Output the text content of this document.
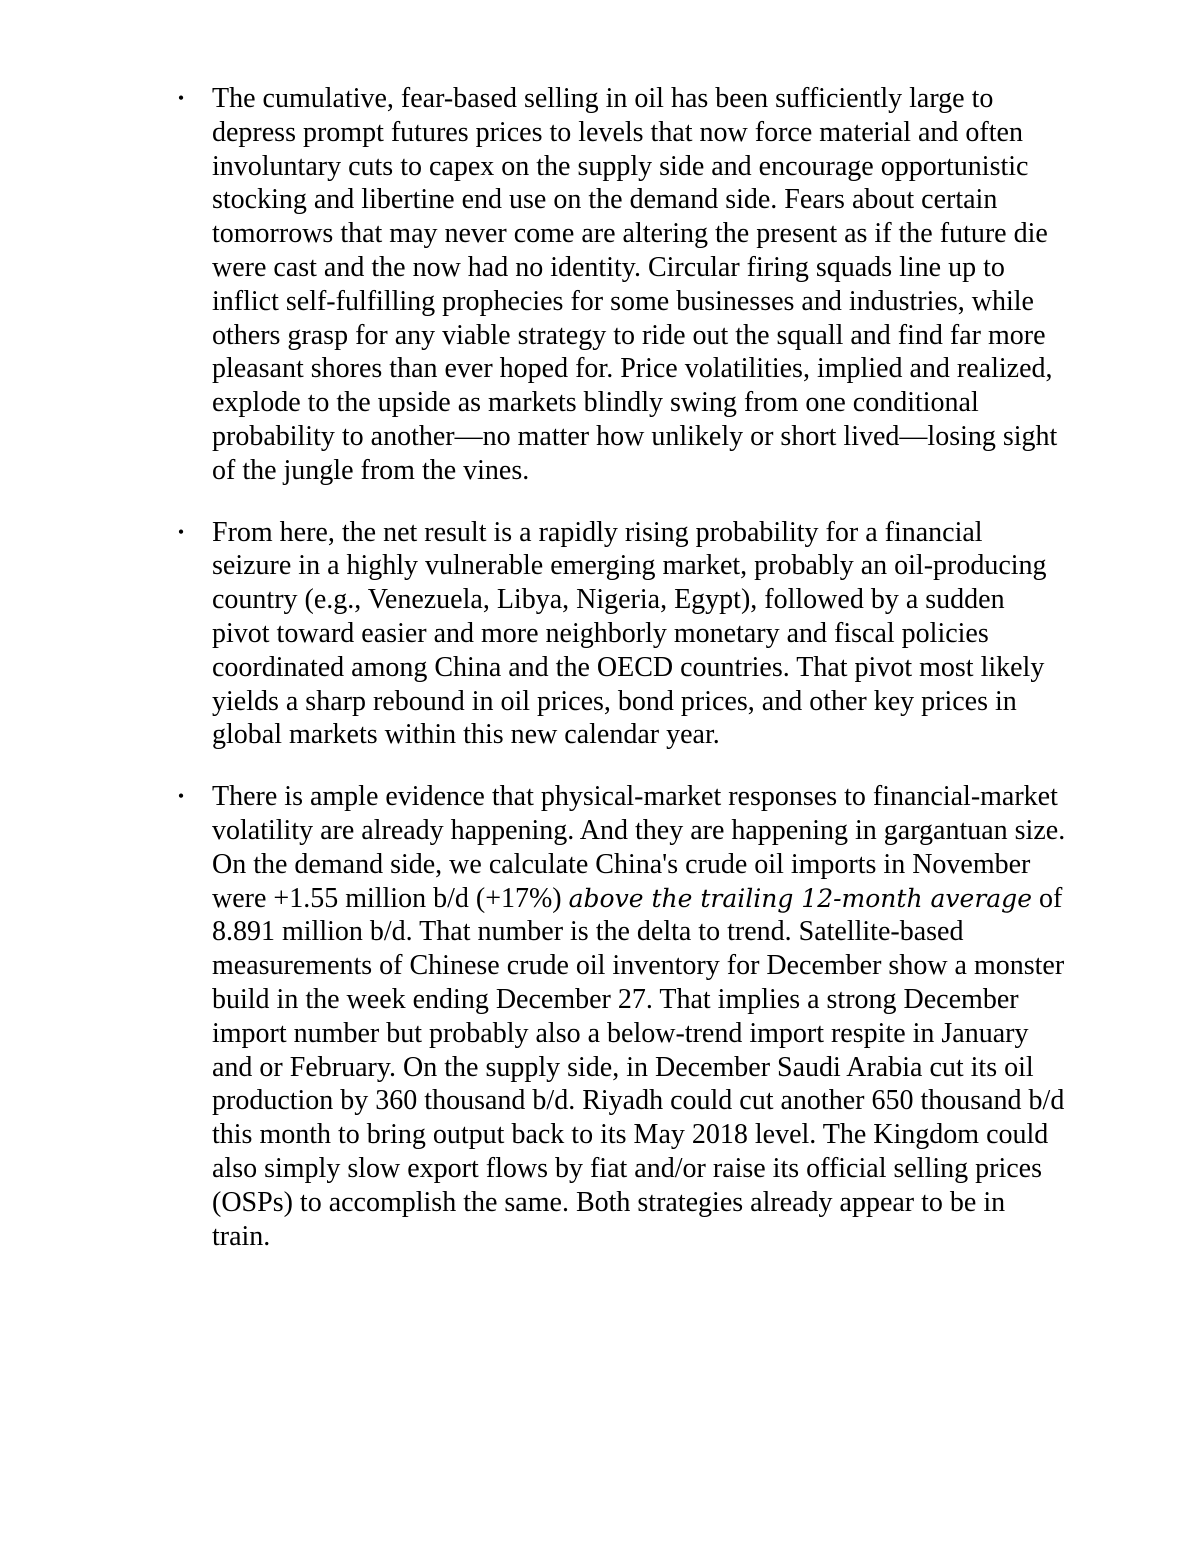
• The cumulative, fear-based selling in oil has been sufficiently large to depress prompt futures prices to levels that now force material and often involuntary cuts to capex on the supply side and encourage opportunistic stocking and libertine end use on the demand side. Fears about certain tomorrows that may never come are altering the present as if the future die were cast and the now had no identity. Circular firing squads line up to inflict self-fulfilling prophecies for some businesses and industries, while others grasp for any viable strategy to ride out the squall and find far more pleasant shores than ever hoped for. Price volatilities, implied and realized, explode to the upside as markets blindly swing from one conditional probability to another—no matter how unlikely or short lived—losing sight of the jungle from the vines.
• From here, the net result is a rapidly rising probability for a financial seizure in a highly vulnerable emerging market, probably an oil-producing country (e.g., Venezuela, Libya, Nigeria, Egypt), followed by a sudden pivot toward easier and more neighborly monetary and fiscal policies coordinated among China and the OECD countries. That pivot most likely yields a sharp rebound in oil prices, bond prices, and other key prices in global markets within this new calendar year.
• There is ample evidence that physical-market responses to financial-market volatility are already happening. And they are happening in gargantuan size. On the demand side, we calculate China's crude oil imports in November were +1.55 million b/d (+17%) above the trailing 12-month average of 8.891 million b/d. That number is the delta to trend. Satellite-based measurements of Chinese crude oil inventory for December show a monster build in the week ending December 27. That implies a strong December import number but probably also a below-trend import respite in January and or February. On the supply side, in December Saudi Arabia cut its oil production by 360 thousand b/d. Riyadh could cut another 650 thousand b/d this month to bring output back to its May 2018 level. The Kingdom could also simply slow export flows by fiat and/or raise its official selling prices (OSPs) to accomplish the same. Both strategies already appear to be in train.
